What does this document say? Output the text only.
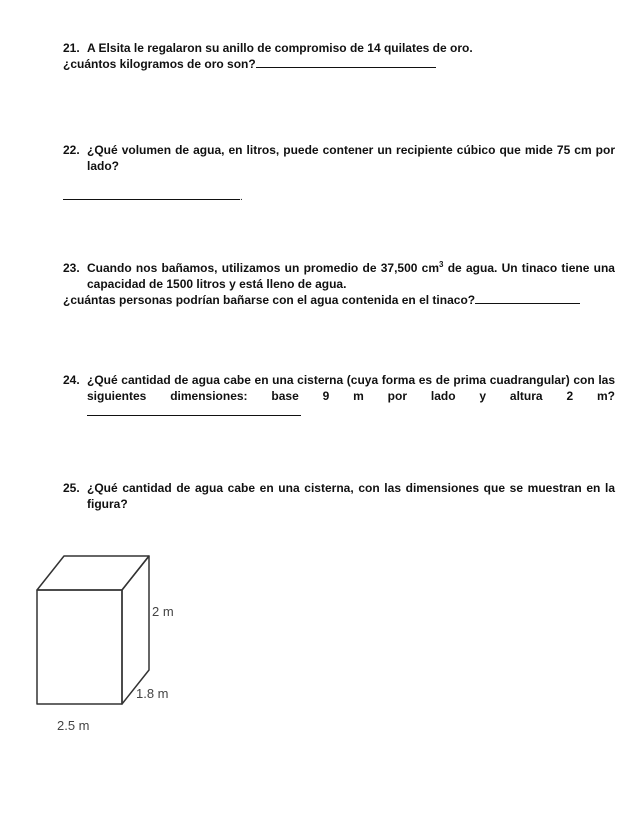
21. A Elsita le regalaron su anillo de compromiso de 14 quilates de oro.
¿cuántos kilogramos de oro son?
22. ¿Qué volumen de agua, en litros, puede contener un recipiente cúbico que mide 75 cm por lado?
.
23. Cuando nos bañamos, utilizamos un promedio de 37,500 $cm^3$ de agua. Un tinaco tiene una capacidad de 1500 litros y está lleno de agua.
¿cuántas personas podrían bañarse con el agua contenida en el tinaco?
24. ¿Qué cantidad de agua cabe en una cisterna (cuya forma es de prima cuadrangular) con las siguientes dimensiones: base 9 m por lado y altura 2 m?
25. ¿Qué cantidad de agua cabe en una cisterna, con las dimensiones que se muestran en la figura?
2 m
1.8 m
2.5 m
